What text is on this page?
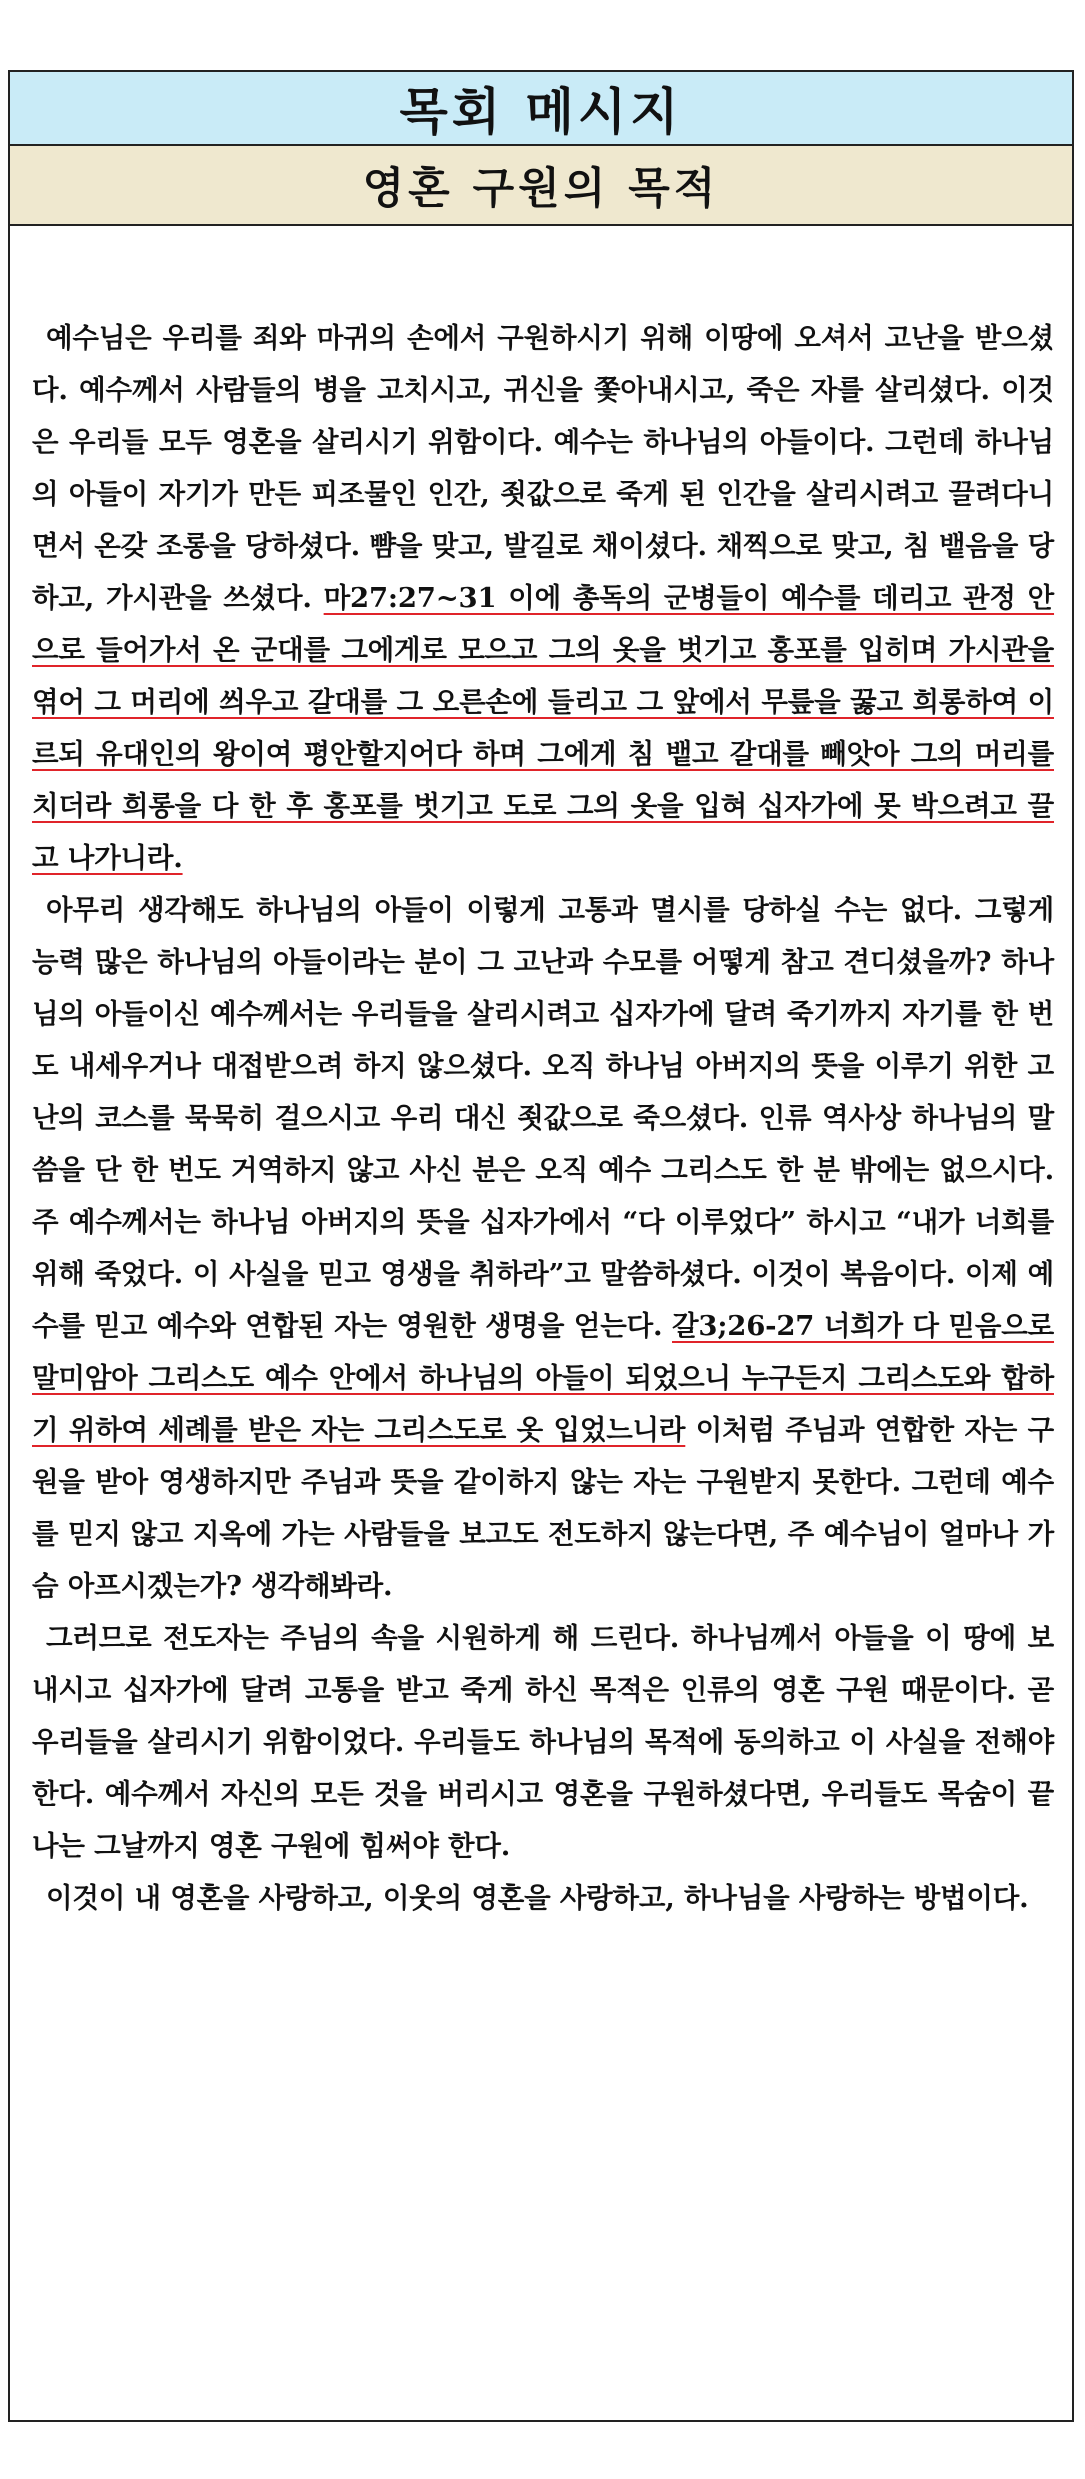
목회 메시지
영혼 구원의 목적

예수님은 우리를 죄와 마귀의 손에서 구원하시기 위해 이땅에 오셔서 고난을 받으셨다. 예수께서 사람들의 병을 고치시고, 귀신을 쫓아내시고, 죽은 자를 살리셨다. 이것은 우리들 모두 영혼을 살리시기 위함이다. 예수는 하나님의 아들이다. 그런데 하나님의 아들이 자기가 만든 피조물인 인간, 죗값으로 죽게 된 인간을 살리시려고 끌려다니면서 온갖 조롱을 당하셨다. 뺨을 맞고, 발길로 채이셨다. 채찍으로 맞고, 침 뱉음을 당하고, 가시관을 쓰셨다. 마27:27~31 이에 총독의 군병들이 예수를 데리고 관정 안으로 들어가서 온 군대를 그에게로 모으고 그의 옷을 벗기고 홍포를 입히며 가시관을 엮어 그 머리에 씌우고 갈대를 그 오른손에 들리고 그 앞에서 무릎을 꿇고 희롱하여 이르되 유대인의 왕이여 평안할지어다 하며 그에게 침 뱉고 갈대를 빼앗아 그의 머리를 치더라 희롱을 다 한 후 홍포를 벗기고 도로 그의 옷을 입혀 십자가에 못 박으려고 끌고 나가니라.

아무리 생각해도 하나님의 아들이 이렇게 고통과 멸시를 당하실 수는 없다. 그렇게 능력 많은 하나님의 아들이라는 분이 그 고난과 수모를 어떻게 참고 견디셨을까? 하나님의 아들이신 예수께서는 우리들을 살리시려고 십자가에 달려 죽기까지 자기를 한 번도 내세우거나 대접받으려 하지 않으셨다. 오직 하나님 아버지의 뜻을 이루기 위한 고난의 코스를 묵묵히 걸으시고 우리 대신 죗값으로 죽으셨다. 인류 역사상 하나님의 말씀을 단 한 번도 거역하지 않고 사신 분은 오직 예수 그리스도 한 분 밖에는 없으시다. 주 예수께서는 하나님 아버지의 뜻을 십자가에서 “다 이루었다” 하시고 “내가 너희를 위해 죽었다. 이 사실을 믿고 영생을 취하라”고 말씀하셨다. 이것이 복음이다. 이제 예수를 믿고 예수와 연합된 자는 영원한 생명을 얻는다. 갈3;26-27 너희가 다 믿음으로 말미암아 그리스도 예수 안에서 하나님의 아들이 되었으니 누구든지 그리스도와 합하기 위하여 세례를 받은 자는 그리스도로 옷 입었느니라 이처럼 주님과 연합한 자는 구원을 받아 영생하지만 주님과 뜻을 같이하지 않는 자는 구원받지 못한다. 그런데 예수를 믿지 않고 지옥에 가는 사람들을 보고도 전도하지 않는다면, 주 예수님이 얼마나 가슴 아프시겠는가? 생각해봐라.

그러므로 전도자는 주님의 속을 시원하게 해 드린다. 하나님께서 아들을 이 땅에 보내시고 십자가에 달려 고통을 받고 죽게 하신 목적은 인류의 영혼 구원 때문이다. 곧 우리들을 살리시기 위함이었다. 우리들도 하나님의 목적에 동의하고 이 사실을 전해야 한다. 예수께서 자신의 모든 것을 버리시고 영혼을 구원하셨다면, 우리들도 목숨이 끝나는 그날까지 영혼 구원에 힘써야 한다.

이것이 내 영혼을 사랑하고, 이웃의 영혼을 사랑하고, 하나님을 사랑하는 방법이다.
